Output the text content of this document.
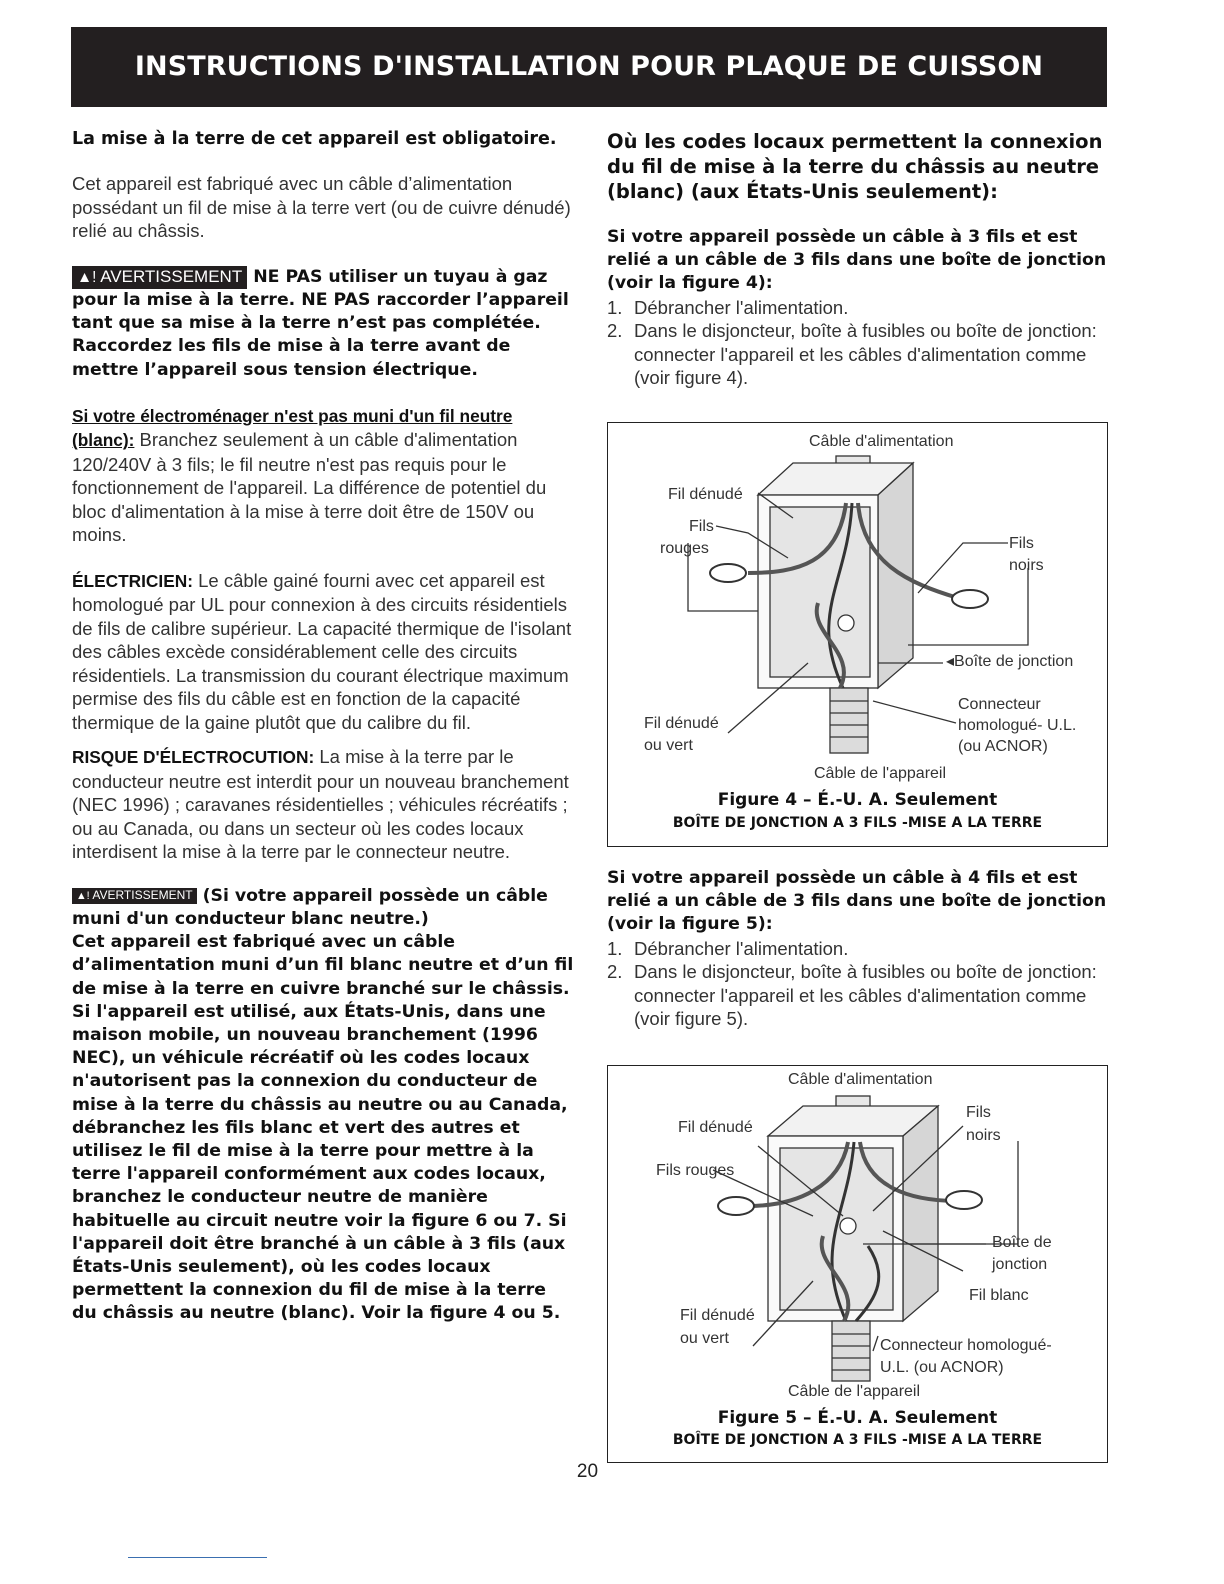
INSTRUCTIONS D'INSTALLATION POUR PLAQUE DE CUISSON ÉLECTRIQUE

La mise à la terre de cet appareil est obligatoire.

Cet appareil est fabriqué avec un câble d’alimentation possédant un fil de mise à la terre vert (ou de cuivre dénudé) relié au châssis.

▲! AVERTISSEMENT NE PAS utiliser un tuyau à gaz pour la mise à la terre. NE PAS raccorder l’appareil tant que sa mise à la terre n’est pas complétée. Raccordez les fils de mise à la terre avant de mettre l’appareil sous tension électrique.

Si votre électroménager n'est pas muni d'un fil neutre (blanc): Branchez seulement à un câble d'alimentation 120/240V à 3 fils; le fil neutre n'est pas requis pour le fonctionnement de l'appareil. La différence de potentiel du bloc d'alimentation à la mise à terre doit être de 150V ou moins.

ÉLECTRICIEN: Le câble gainé fourni avec cet appareil est homologué par UL pour connexion à des circuits résidentiels de fils de calibre supérieur. La capacité thermique de l'isolant des câbles excède considérablement celle des circuits résidentiels. La transmission du courant électrique maximum permise des fils du câble est en fonction de la capacité thermique de la gaine plutôt que du calibre du fil.

RISQUE D'ÉLECTROCUTION: La mise à la terre par le conducteur neutre est interdit pour un nouveau branchement (NEC 1996) ; caravanes résidentielles ; véhicules récréatifs ; ou au Canada, ou dans un secteur où les codes locaux interdisent la mise à la terre par le connecteur neutre.

▲! AVERTISSEMENT (Si votre appareil possède un câble muni d'un conducteur blanc neutre.)

Cet appareil est fabriqué avec un câble d’alimentation muni d’un fil blanc neutre et d’un fil de mise à la terre en cuivre branché sur le châssis. Si l'appareil est utilisé, aux États-Unis, dans une maison mobile, un nouveau branchement (1996 NEC), un véhicule récréatif où les codes locaux n'autorisent pas la connexion du conducteur de mise à la terre du châssis au neutre ou au Canada, débranchez les fils blanc et vert des autres et utilisez le fil de mise à la terre pour mettre à la terre l'appareil conformément aux codes locaux, branchez le conducteur neutre de manière habituelle au circuit neutre voir la figure 6 ou 7. Si l'appareil doit être branché à un câble à 3 fils (aux États-Unis seulement), où les codes locaux permettent la connexion du fil de mise à la terre du châssis au neutre (blanc). Voir la figure 4 ou 5.

Où les codes locaux permettent la connexion du fil de mise à la terre du châssis au neutre (blanc) (aux États-Unis seulement):

Si votre appareil possède un câble à 3 fils et est relié a un câble de 3 fils dans une boîte de jonction (voir la figure 4):

1. Débrancher l'alimentation.
2. Dans le disjoncteur, boîte à fusibles ou boîte de jonction: connecter l'appareil et les câbles d'alimentation comme (voir figure 4).

Si votre appareil possède un câble à 4 fils et est relié a un câble de 3 fils dans une boîte de jonction (voir la figure 5):

1. Débrancher l'alimentation.
2. Dans le disjoncteur, boîte à fusibles ou boîte de jonction: connecter l'appareil et les câbles d'alimentation comme (voir figure 5).
Câble d'alimentation
Fil dénudé
Fils
rouges	Fils
noirs
◂Boîte de jonction
Connecteur
homologué- U.L.
(ou ACNOR)
Fil dénudé
ou vert
Câble de l'appareil
Figure 4 – É.-U. A. Seulement
BOÎTE DE JONCTION A 3 FILS -MISE A LA TERRE
Câble d'alimentation
Fil dénudé
Fils
noirs
Fils rouges
Boîte de
jonction
Fil blanc
Fil dénudé
ou vert	Connecteur homologué-
U.L. (ou ACNOR)
Câble de l'appareil
Figure 5 – É.-U. A. Seulement
BOÎTE DE JONCTION A 3 FILS -MISE A LA TERRE
20
